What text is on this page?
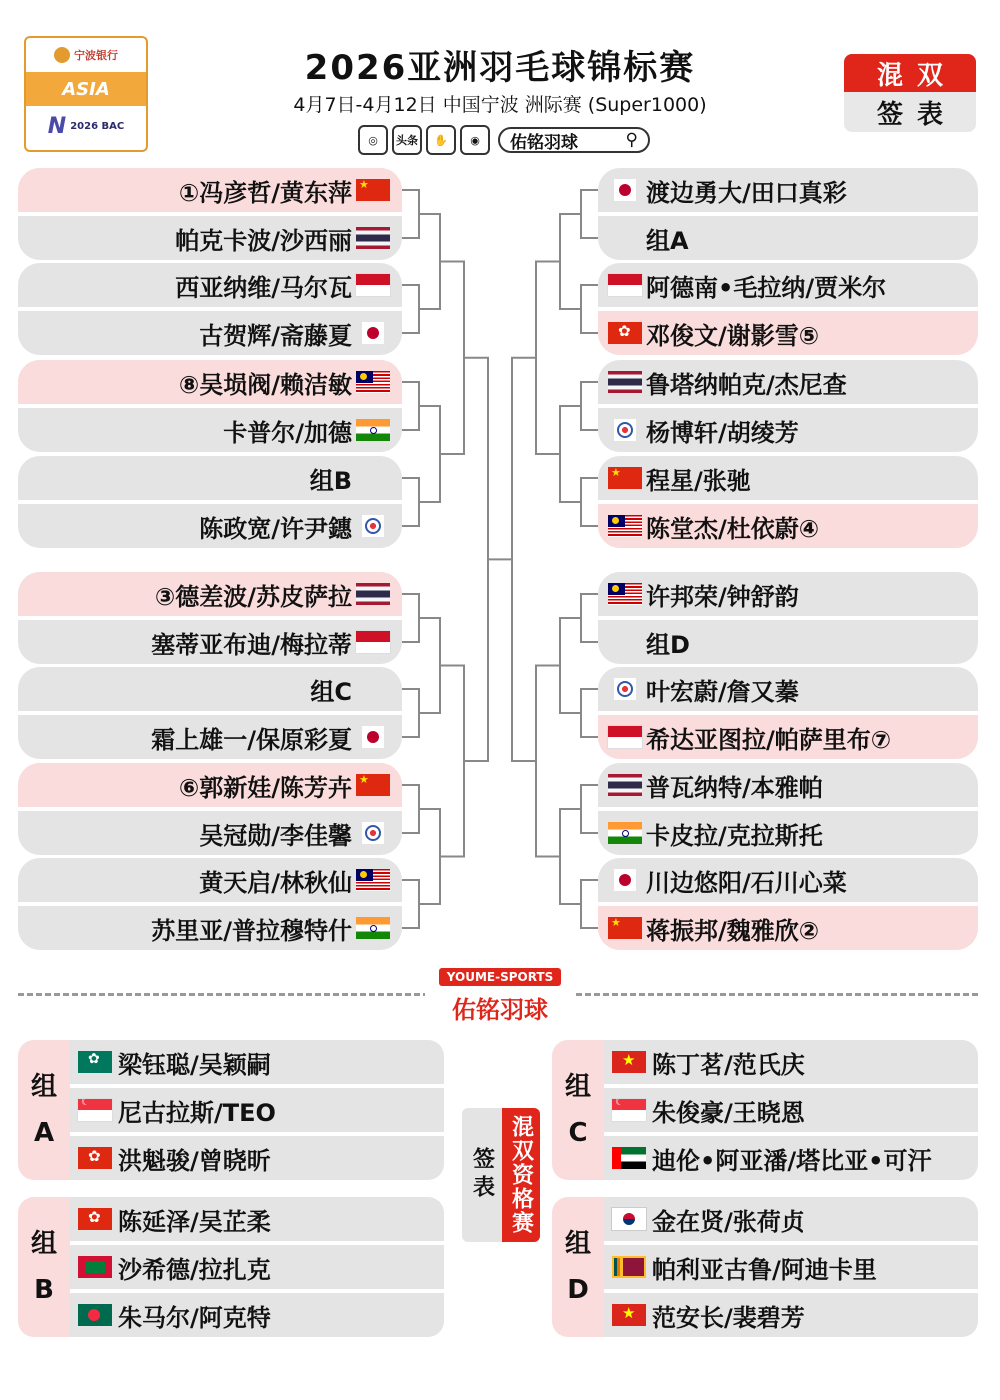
宁波银行
ASIA
N 2026 BAC
2026亚洲羽毛球锦标赛
4月7日-4月12日 中国宁波 洲际赛 (Super1000)
◎	头条	✋	◉	佑铭羽球	⚲
混双
签表
①冯彦哲/黄东萍
★
帕克卡波/沙西丽
西亚纳维/马尔瓦
古贺辉/斋藤夏
⑧吴埙阀/赖洁敏
卡普尔/加德
组B
陈政宽/许尹鏸
③德差波/苏皮萨拉
塞蒂亚布迪/梅拉蒂
组C
霜上雄一/保原彩夏
⑥郭新娃/陈芳卉
★
吴冠勋/李佳馨
黄天启/林秋仙
苏里亚/普拉穆特什
渡边勇大/田口真彩
组A
阿德南•毛拉纳/贾米尔
✿
邓俊文/谢影雪⑤
鲁塔纳帕克/杰尼查
杨博轩/胡绫芳
★
程星/张驰
陈堂杰/杜依蔚④
许邦荣/钟舒韵
组D
叶宏蔚/詹又蓁
希达亚图拉/帕萨里布⑦
普瓦纳特/本雅帕
卡皮拉/克拉斯托
川边悠阳/石川心菜
★
蒋振邦/魏雅欣②
YOUME-SPORTS
佑铭羽球
组
A
✿
梁钰聪/吴颖嗣
☾
尼古拉斯/TEO
✿
洪魁骏/曾晓昕
组
B
✿
陈延泽/吴芷柔
沙希德/拉扎克
朱马尔/阿克特
组
C
★
陈丁茗/范氏庆
☾
朱俊豪/王晓恩
迪伦•阿亚潘/塔比亚•可汗
组
D
金在贤/张荷贞
帕利亚古鲁/阿迪卡里
★
范安长/裴碧芳
签表 混双资格赛
